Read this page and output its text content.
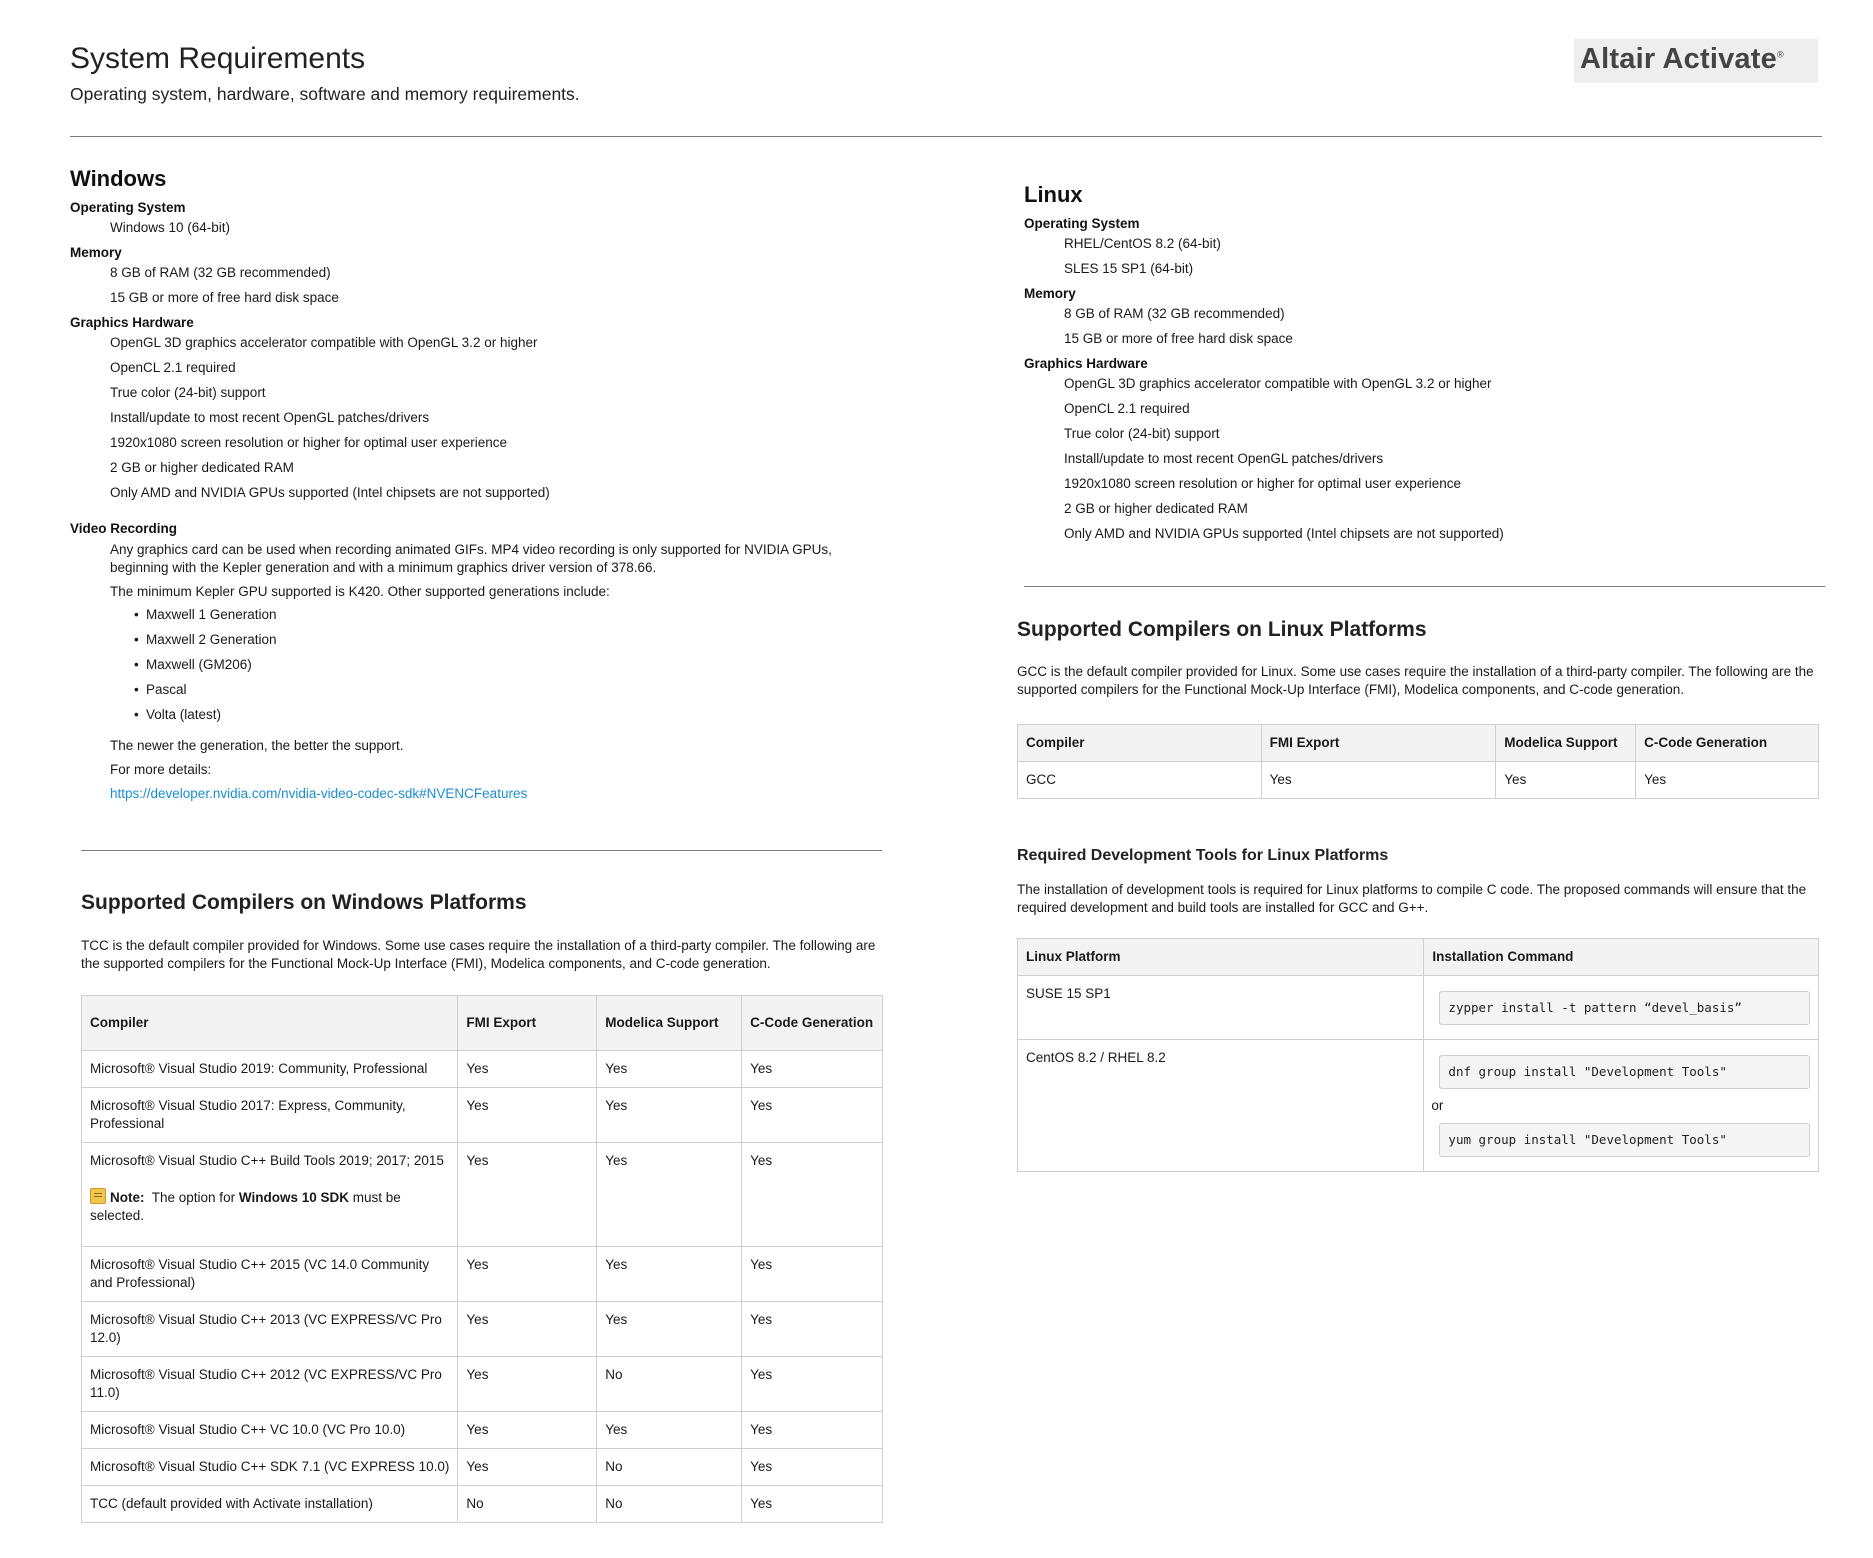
System Requirements
Operating system, hardware, software and memory requirements.
Altair Activate®
Windows
Operating System
Windows 10 (64-bit)
Memory
8 GB of RAM (32 GB recommended)
15 GB or more of free hard disk space
Graphics Hardware
OpenGL 3D graphics accelerator compatible with OpenGL 3.2 or higher
OpenCL 2.1 required
True color (24-bit) support
Install/update to most recent OpenGL patches/drivers
1920x1080 screen resolution or higher for optimal user experience
2 GB or higher dedicated RAM
Only AMD and NVIDIA GPUs supported (Intel chipsets are not supported)
Video Recording
Any graphics card can be used when recording animated GIFs. MP4 video recording is only supported for NVIDIA GPUs, beginning with the Kepler generation and with a minimum graphics driver version of 378.66.
The minimum Kepler GPU supported is K420. Other supported generations include:
• Maxwell 1 Generation
• Maxwell 2 Generation
• Maxwell (GM206)
• Pascal
• Volta (latest)
The newer the generation, the better the support.
For more details:
https://developer.nvidia.com/nvidia-video-codec-sdk#NVENCFeatures
Supported Compilers on Windows Platforms
TCC is the default compiler provided for Windows. Some use cases require the installation of a third-party compiler. The following are the supported compilers for the Functional Mock-Up Interface (FMI), Modelica components, and C-code generation.
Compiler	FMI Export	Modelica Support	C-Code Generation
Microsoft® Visual Studio 2019: Community, Professional	Yes	Yes	Yes
Microsoft® Visual Studio 2017: Express, Community, Professional	Yes	Yes	Yes

Microsoft® Visual Studio C++ Build Tools 2019; 2017; 2015
Note: The option for Windows 10 SDK must be selected.	Yes	Yes	Yes
Microsoft® Visual Studio C++ 2015 (VC 14.0 Community and Professional)	Yes	Yes	Yes
Microsoft® Visual Studio C++ 2013 (VC EXPRESS/VC Pro 12.0)	Yes	Yes	Yes
Microsoft® Visual Studio C++ 2012 (VC EXPRESS/VC Pro 11.0)	Yes	No	Yes
Microsoft® Visual Studio C++ VC 10.0 (VC Pro 10.0)	Yes	Yes	Yes
Microsoft® Visual Studio C++ SDK 7.1 (VC EXPRESS 10.0)	Yes	No	Yes
TCC (default provided with Activate installation)	No	No	Yes
Linux
Operating System
RHEL/CentOS 8.2 (64-bit)
SLES 15 SP1 (64-bit)
Memory
8 GB of RAM (32 GB recommended)
15 GB or more of free hard disk space
Graphics Hardware
OpenGL 3D graphics accelerator compatible with OpenGL 3.2 or higher
OpenCL 2.1 required
True color (24-bit) support
Install/update to most recent OpenGL patches/drivers
1920x1080 screen resolution or higher for optimal user experience
2 GB or higher dedicated RAM
Only AMD and NVIDIA GPUs supported (Intel chipsets are not supported)
Supported Compilers on Linux Platforms
GCC is the default compiler provided for Linux. Some use cases require the installation of a third-party compiler. The following are the supported compilers for the Functional Mock-Up Interface (FMI), Modelica components, and C-code generation.
Compiler	FMI Export	Modelica Support	C-Code Generation
GCC	Yes	Yes	Yes
Required Development Tools for Linux Platforms
The installation of development tools is required for Linux platforms to compile C code. The proposed commands will ensure that the required development and build tools are installed for GCC and G++.
Linux Platform	Installation Command
SUSE 15 SP1	zypper install -t pattern “devel_basis”

CentOS 8.2 / RHEL 8.2	dnf group install "Development Tools"
or
yum group install "Development Tools"
